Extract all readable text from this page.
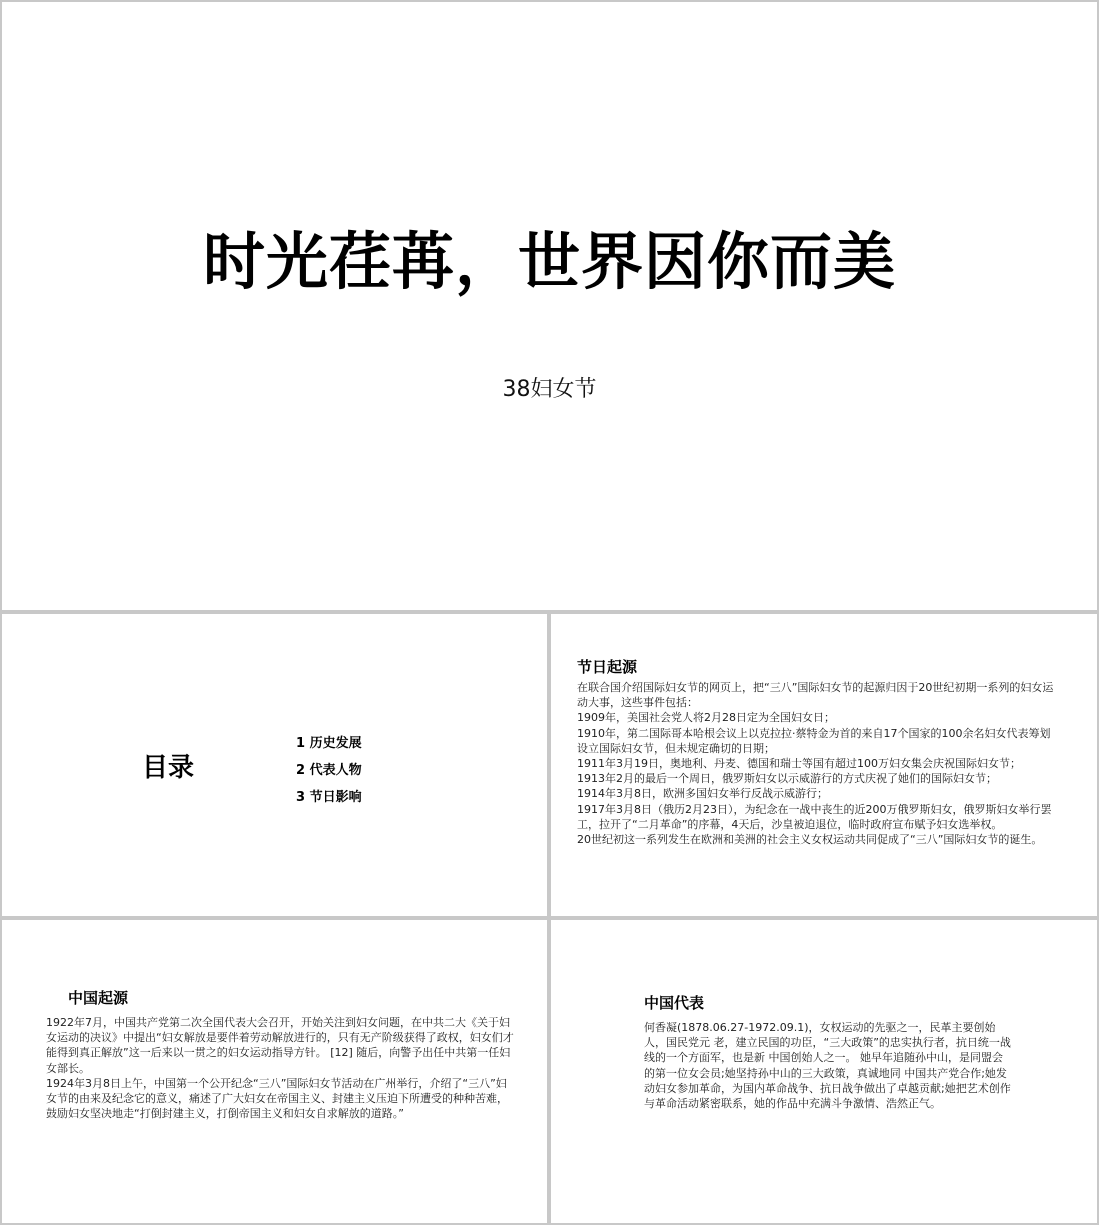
时光荏苒，世界因你而美
38妇女节
目录
1 历史发展
2 代表人物
3 节日影响
节日起源

在联合国介绍国际妇女节的网页上，把“三八”国际妇女节的起源归因于20世纪初期一系列的妇女运动大事，这些事件包括：

1909年，美国社会党人将2月28日定为全国妇女日；

1910年，第二国际哥本哈根会议上以克拉拉·蔡特金为首的来自17个国家的100余名妇女代表筹划设立国际妇女节，但未规定确切的日期；

1911年3月19日，奥地利、丹麦、德国和瑞士等国有超过100万妇女集会庆祝国际妇女节；

1913年2月的最后一个周日，俄罗斯妇女以示威游行的方式庆祝了她们的国际妇女节；

1914年3月8日，欧洲多国妇女举行反战示威游行；

1917年3月8日（俄历2月23日），为纪念在一战中丧生的近200万俄罗斯妇女，俄罗斯妇女举行罢工，拉开了“二月革命”的序幕，4天后，沙皇被迫退位，临时政府宣布赋予妇女选举权。

20世纪初这一系列发生在欧洲和美洲的社会主义女权运动共同促成了“三八”国际妇女节的诞生。

中国起源

1922年7月，中国共产党第二次全国代表大会召开，开始关注到妇女问题，在中共二大《关于妇女运动的决议》中提出“妇女解放是要伴着劳动解放进行的，只有无产阶级获得了政权，妇女们才能得到真正解放”这一后来以一贯之的妇女运动指导方针。 [12] 随后，向警予出任中共第一任妇女部长。

1924年3月8日上午，中国第一个公开纪念“三八”国际妇女节活动在广州举行，介绍了“三八”妇女节的由来及纪念它的意义，痛述了广大妇女在帝国主义、封建主义压迫下所遭受的种种苦难，鼓励妇女坚决地走“打倒封建主义，打倒帝国主义和妇女自求解放的道路。”

中国代表

何香凝(1878.06.27-1972.09.1)，女权运动的先驱之一，民革主要创始人，国民党元 老，建立民国的功臣，“三大政策”的忠实执行者，抗日统一战线的一个方面军，也是新 中国创始人之一。 她早年追随孙中山，是同盟会的第一位女会员;她坚持孙中山的三大政策，真诚地同 中国共产党合作;她发动妇女参加革命，为国内革命战争、抗日战争做出了卓越贡献;她把艺术创作与革命活动紧密联系，她的作品中充满斗争激情、浩然正气。
